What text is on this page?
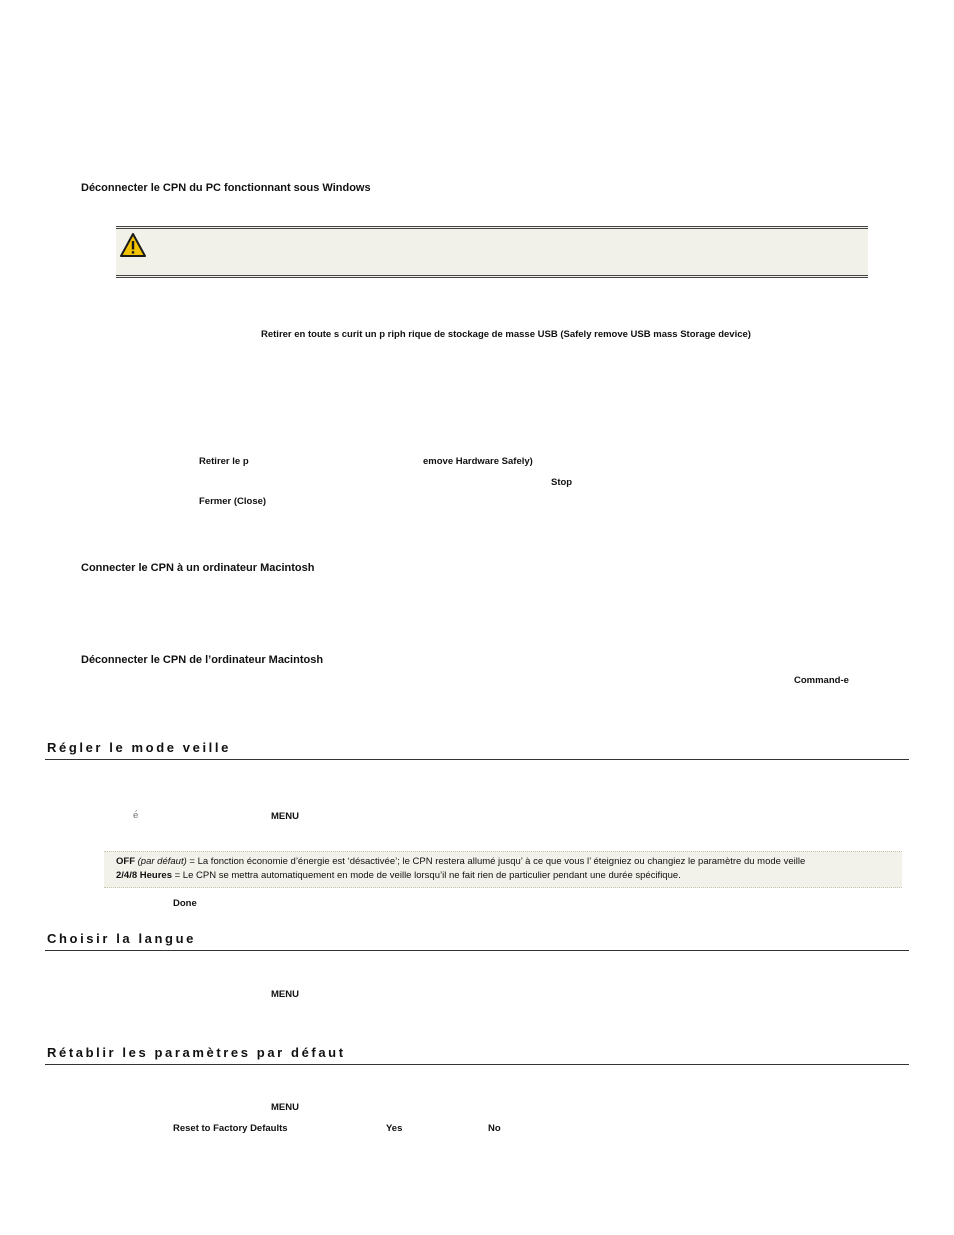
Déconnecter le CPN du PC fonctionnant sous Windows
Retirer en toute s curit un p riph rique de stockage de masse USB (Safely remove USB mass Storage device)
Retirer le p	emove Hardware Safely)
Stop
Fermer (Close)
Connecter le CPN à un ordinateur Macintosh
Déconnecter le CPN de l’ordinateur Macintosh
Command-e
Régler le mode veille
é	MENU
OFF (par défaut) = La fonction économie d’énergie est ‘désactivée’; le CPN restera allumé jusqu’ à ce que vous l’ éteigniez ou changiez le paramètre du mode veille
2/4/8 Heures = Le CPN se mettra automatiquement en mode de veille lorsqu’il ne fait rien de particulier pendant une durée spécifique.
Done
Choisir la langue
MENU
Rétablir les paramètres par défaut
MENU
Reset to Factory Defaults	Yes	No
